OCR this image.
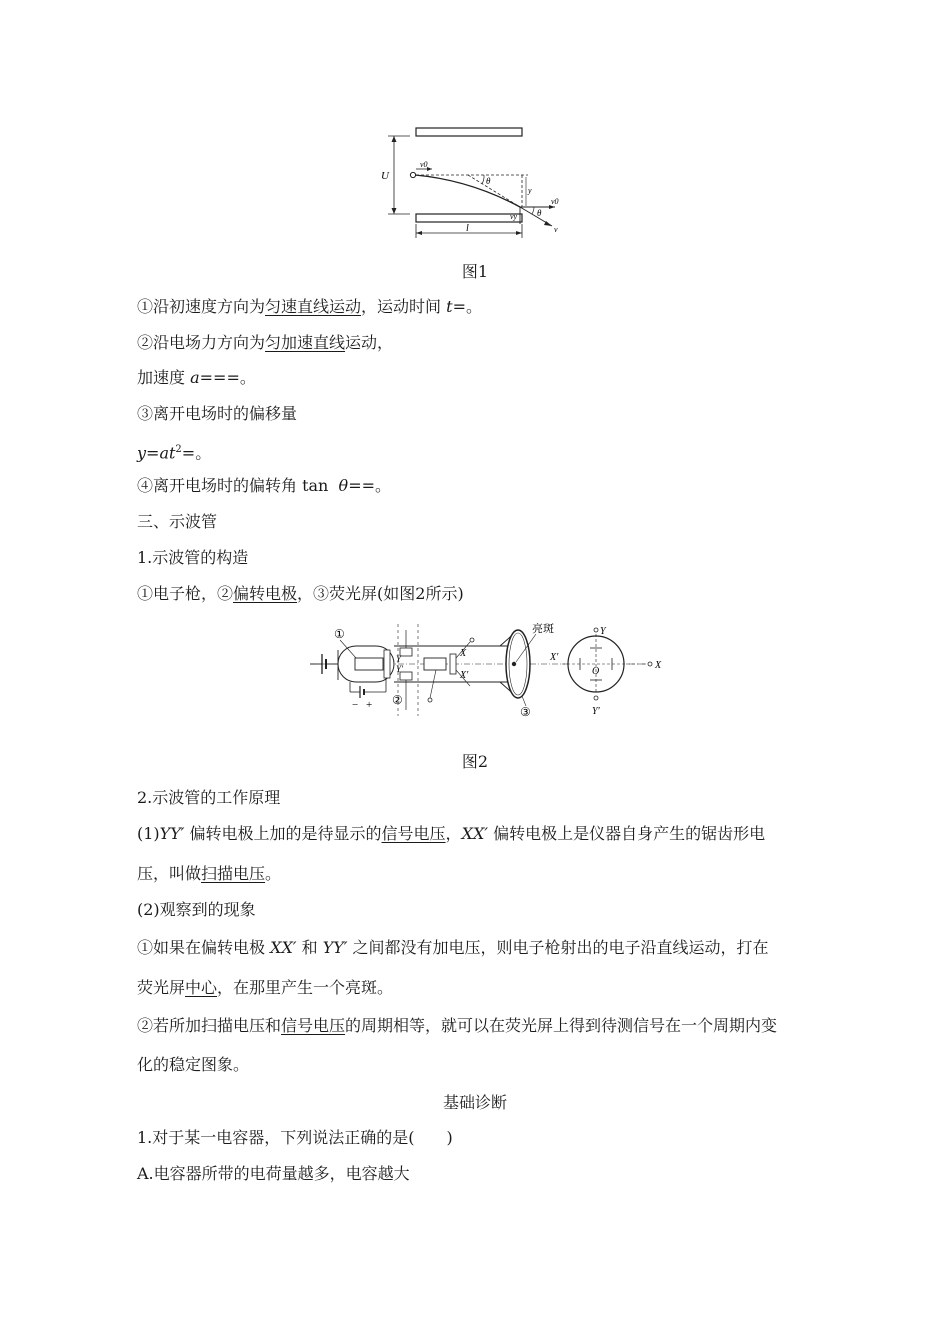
U
y
θ
v0
v0
vy
v
θ
l
图1
①沿初速度方向为匀速直线运动，运动时间 t=。
②沿电场力方向为匀加速直线运动，
加速度 a===。
③离开电场时的偏移量
$y=at^2=$。
④离开电场时的偏转角 tan  θ==。
三、示波管
1.示波管的构造
①电子枪，②偏转电极，③荧光屏(如图2所示)
①
− +
Y
Y′
②
X
X′
亮斑
③
Y
O
Y′
X
X′
图2
2.示波管的工作原理
(1)YY′ 偏转电极上加的是待显示的信号电压，XX′ 偏转电极上是仪器自身产生的锯齿形电
压，叫做扫描电压。
(2)观察到的现象
①如果在偏转电极 XX′ 和 YY′ 之间都没有加电压，则电子枪射出的电子沿直线运动，打在
荧光屏中心，在那里产生一个亮斑。
②若所加扫描电压和信号电压的周期相等，就可以在荧光屏上得到待测信号在一个周期内变
化的稳定图象。
基础诊断
1.对于某一电容器，下列说法正确的是(　　)
A.电容器所带的电荷量越多，电容越大
